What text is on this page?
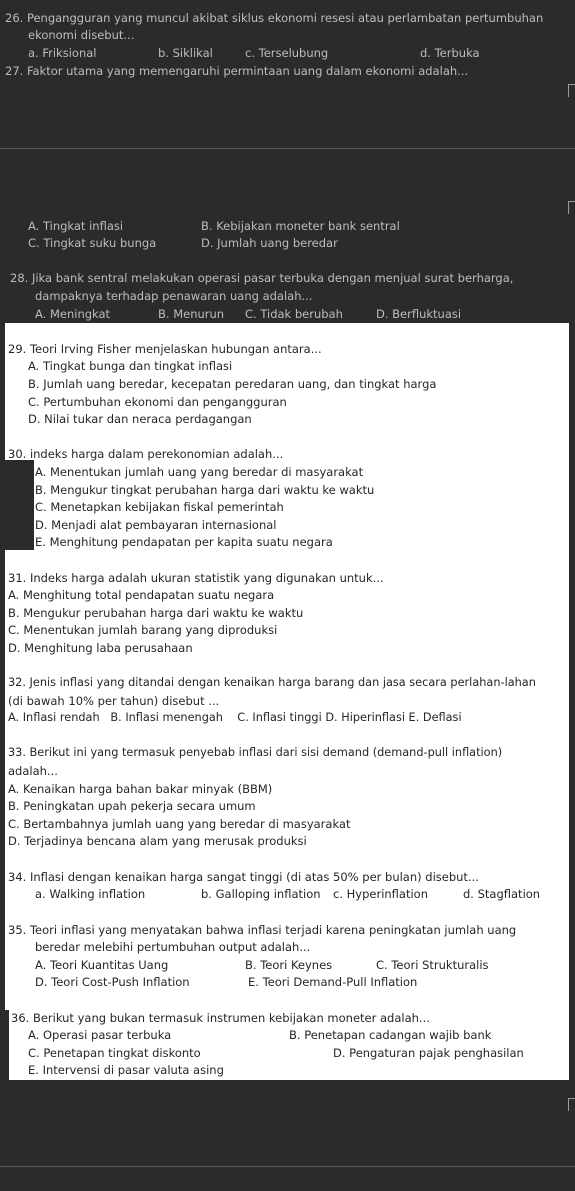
26. Pengangguran yang muncul akibat siklus ekonomi resesi atau perlambatan pertumbuhan
ekonomi disebut...
a. Friksional	b. Siklikal	c. Terselubung	d. Terbuka
27. Faktor utama yang memengaruhi permintaan uang dalam ekonomi adalah...
A. Tingkat inflasi	B. Kebijakan moneter bank sentral
C. Tingkat suku bunga	D. Jumlah uang beredar
28. Jika bank sentral melakukan operasi pasar terbuka dengan menjual surat berharga,
dampaknya terhadap penawaran uang adalah...
A. Meningkat	B. Menurun C. Tidak berubah	D. Berfluktuasi
29. Teori Irving Fisher menjelaskan hubungan antara...
A. Tingkat bunga dan tingkat inflasi
B. Jumlah uang beredar, kecepatan peredaran uang, dan tingkat harga
C. Pertumbuhan ekonomi dan pengangguran
D. Nilai tukar dan neraca perdagangan
30. indeks harga dalam perekonomian adalah...
A. Menentukan jumlah uang yang beredar di masyarakat
B. Mengukur tingkat perubahan harga dari waktu ke waktu
C. Menetapkan kebijakan fiskal pemerintah
D. Menjadi alat pembayaran internasional
E. Menghitung pendapatan per kapita suatu negara
31. Indeks harga adalah ukuran statistik yang digunakan untuk...
A. Menghitung total pendapatan suatu negara
B. Mengukur perubahan harga dari waktu ke waktu
C. Menentukan jumlah barang yang diproduksi
D. Menghitung laba perusahaan
32. Jenis inflasi yang ditandai dengan kenaikan harga barang dan jasa secara perlahan-lahan
(di bawah 10% per tahun) disebut ...
A. Inflasi rendah   B. Inflasi menengah    C. Inflasi tinggi D. Hiperinflasi E. Deflasi
33. Berikut ini yang termasuk penyebab inflasi dari sisi demand (demand-pull inflation)
adalah...
A. Kenaikan harga bahan bakar minyak (BBM)
B. Peningkatan upah pekerja secara umum
C. Bertambahnya jumlah uang yang beredar di masyarakat
D. Terjadinya bencana alam yang merusak produksi
34. Inflasi dengan kenaikan harga sangat tinggi (di atas 50% per bulan) disebut...
a. Walking inflation	b. Galloping inflation c. Hyperinflation	d. Stagflation
35. Teori inflasi yang menyatakan bahwa inflasi terjadi karena peningkatan jumlah uang
beredar melebihi pertumbuhan output adalah...
A. Teori Kuantitas Uang	B. Teori Keynes	C. Teori Strukturalis
D. Teori Cost-Push Inflation	E. Teori Demand-Pull Inflation
36. Berikut yang bukan termasuk instrumen kebijakan moneter adalah...
A. Operasi pasar terbuka	B. Penetapan cadangan wajib bank
C. Penetapan tingkat diskonto	D. Pengaturan pajak penghasilan
E. Intervensi di pasar valuta asing
